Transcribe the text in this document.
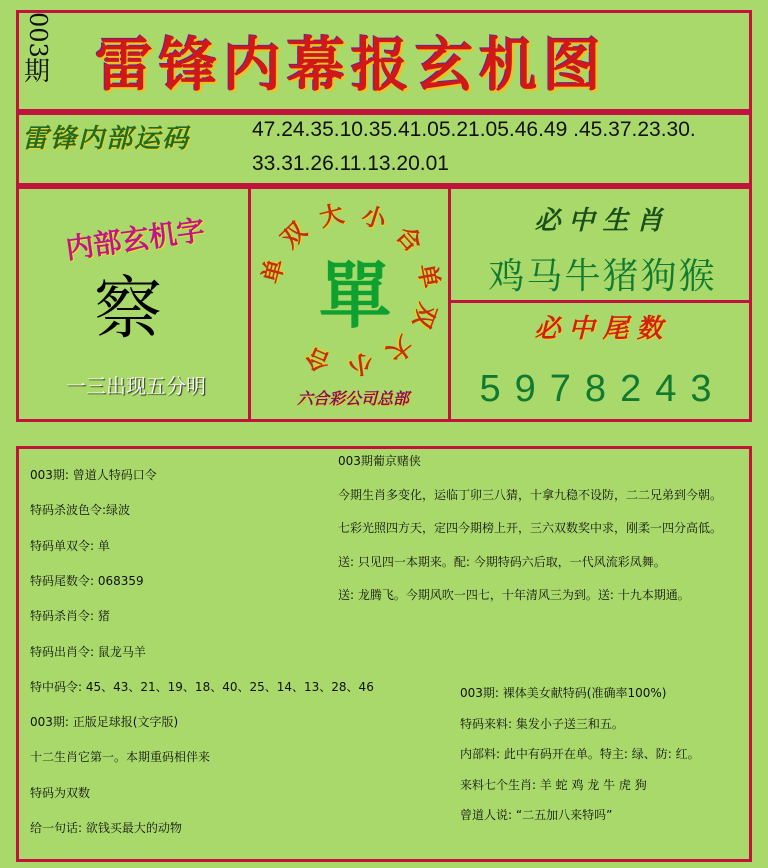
003
期 雷锋内幕报玄机图
雷锋内部运码	47.24.35.10.35.41.05.21.05.46.49 .45.37.23.30.
33.31.26.11.13.20.01
内部玄机字
察
一三出现五分明
单
双
大 小
合
单
双
大
小
合
單
六合彩公司总部
必中生肖
鸡马牛猪狗猴
必中尾数
5978243
003期: 曾道人特码口令
特码杀波色令:绿波
特码单双令: 单
特码尾数令: 068359
特码杀肖令: 猪
特码出肖令: 鼠龙马羊
特中码令: 45、43、21、19、18、40、25、14、13、28、46
003期: 正版足球报(文字版)
十二生肖它第一。本期重码相伴来
特码为双数
给一句话: 欲钱买最大的动物
003期葡京赌侠
今期生肖多变化，运临丁卯三八猜，十拿九稳不设防，二二兄弟到今朝。
七彩光照四方天，定四今期榜上开，三六双数奖中求，刚柔一四分高低。
送: 只见四一本期来。配: 今期特码六后取，一代风流彩凤舞。
送: 龙腾飞。今期风吹一四七，十年清风三为到。送: 十九本期通。
003期: 裸体美女献特码(准确率100%)
特码来料: 集发小子送三和五。
内部料: 此中有码开在单。特主: 绿、防: 红。
来料七个生肖: 羊 蛇 鸡 龙 牛 虎 狗
曾道人说: “二五加八来特吗”
